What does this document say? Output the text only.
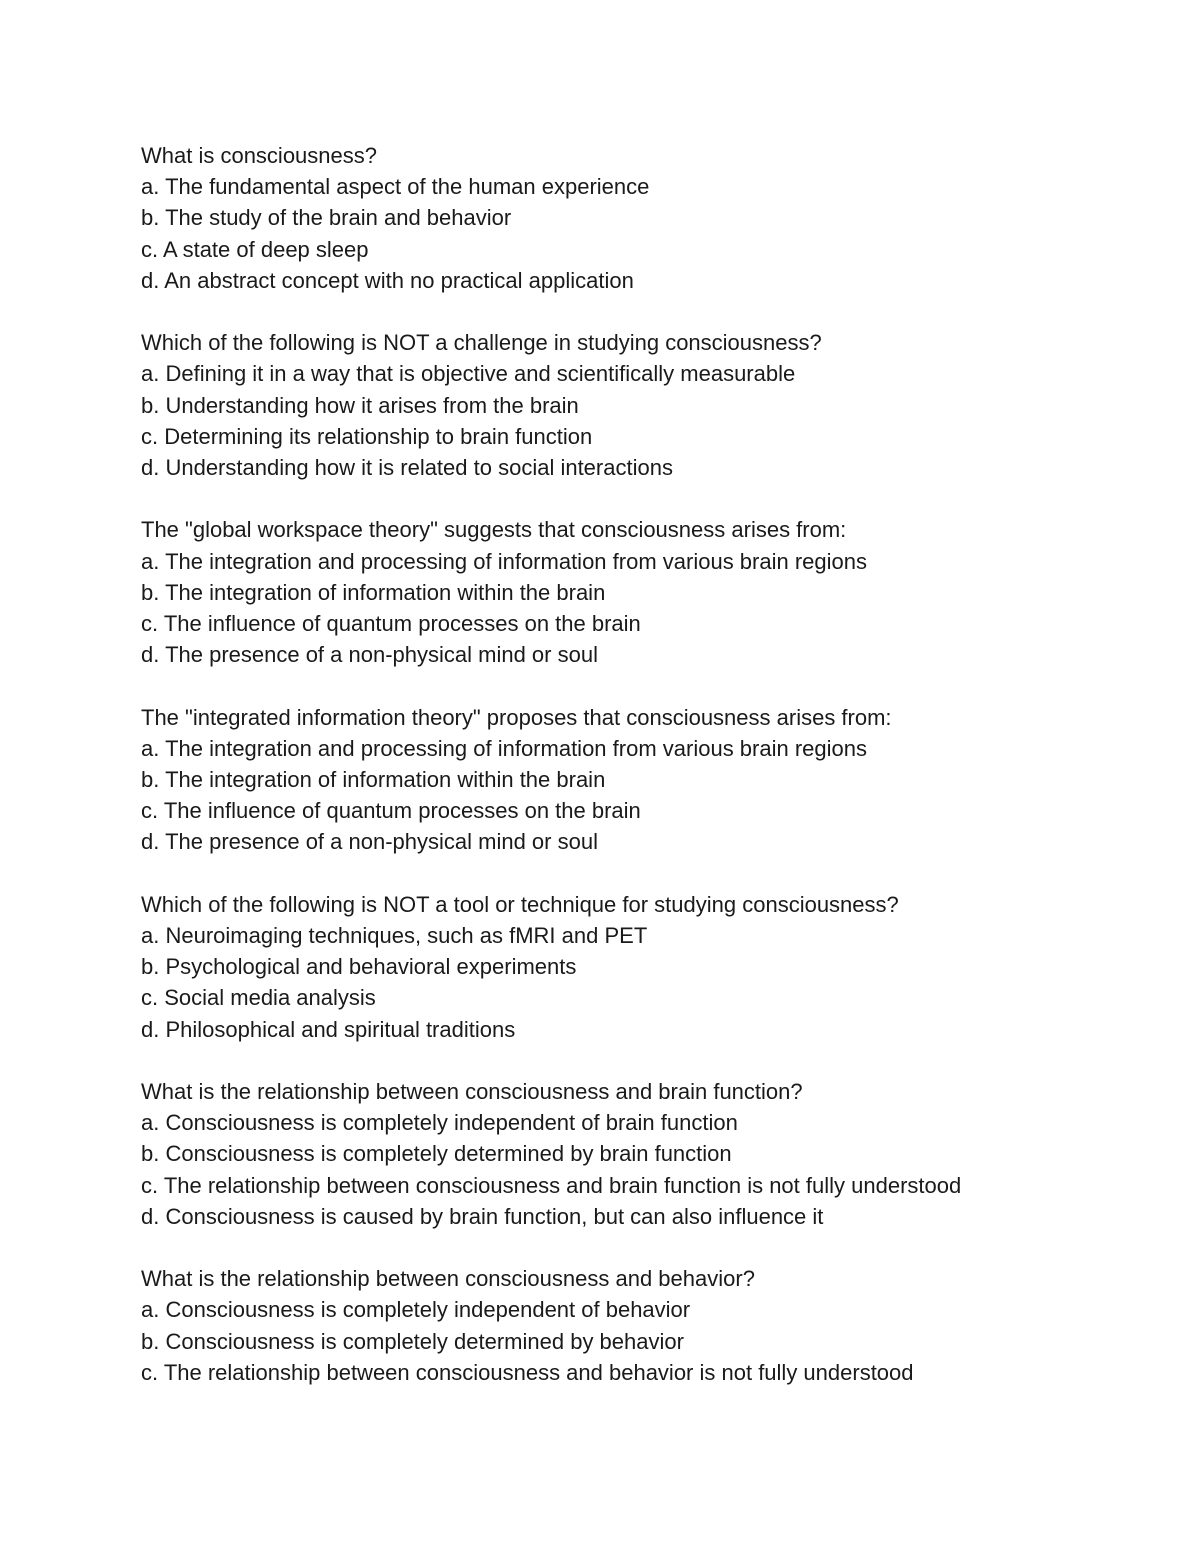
What is consciousness?
a. The fundamental aspect of the human experience
b. The study of the brain and behavior
c. A state of deep sleep
d. An abstract concept with no practical application
Which of the following is NOT a challenge in studying consciousness?
a. Defining it in a way that is objective and scientifically measurable
b. Understanding how it arises from the brain
c. Determining its relationship to brain function
d. Understanding how it is related to social interactions
The "global workspace theory" suggests that consciousness arises from:
a. The integration and processing of information from various brain regions
b. The integration of information within the brain
c. The influence of quantum processes on the brain
d. The presence of a non-physical mind or soul
The "integrated information theory" proposes that consciousness arises from:
a. The integration and processing of information from various brain regions
b. The integration of information within the brain
c. The influence of quantum processes on the brain
d. The presence of a non-physical mind or soul
Which of the following is NOT a tool or technique for studying consciousness?
a. Neuroimaging techniques, such as fMRI and PET
b. Psychological and behavioral experiments
c. Social media analysis
d. Philosophical and spiritual traditions
What is the relationship between consciousness and brain function?
a. Consciousness is completely independent of brain function
b. Consciousness is completely determined by brain function
c. The relationship between consciousness and brain function is not fully understood
d. Consciousness is caused by brain function, but can also influence it
What is the relationship between consciousness and behavior?
a. Consciousness is completely independent of behavior
b. Consciousness is completely determined by behavior
c. The relationship between consciousness and behavior is not fully understood
